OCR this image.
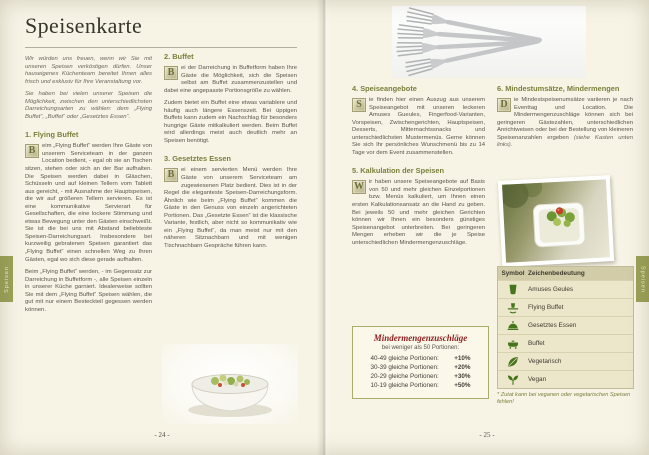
Speisenkarte

Wir würden uns freuen, wenn wir Sie mit unseren Speisen verköstigen dürfen. Unser hauseigenes Küchenteam bereitet Ihnen alles frisch und exklusiv für Ihre Veranstaltung vor.

Sie haben bei vielen unserer Speisen die Möglichkeit, zwischen den unterschiedlichsten Darreichungsarten zu wählen: dem „Flying Buffet“, „Buffet“ oder „Gesetztes Essen“.

1. Flying Buffet

B	eim „Flying Buffet“ werden Ihre Gäste von unserem Serviceteam in der ganzen Location bedient, - egal ob sie an Tischen sitzen, stehen oder sich an der Bar aufhalten. Die Speisen werden dabei in Gläschen, Schüsseln und auf kleinen Tellern vom Tablett aus gereicht, - mit Ausnahme der Hauptspeisen, die wir auf größeren Tellern servieren. Es ist eine kommunikative Servierart für Gesellschaften, die eine lockere Stimmung und etwas Bewegung unter den Gästen einschweißt. Sie ist die bei uns mit Abstand beliebteste Speisen-Darreichungsart. Insbesondere bei kurzweilig gebratenen Speisen garantiert das „Flying Buffet“ einen schnellen Weg zu Ihren Gästen, egal wo sich diese gerade aufhalten.

Beim „Flying Buffet“ werden, - im Gegensatz zur Darreichung in Buffetform -, alle Speisen einzeln in unserer Küche garniert. Idealerweise sollten Sie mit dem „Flying Buffet“ Speisen wählen, die gut mit nur einem Besteckteil gegessen werden können.

2. Buffet

B	ei der Darreichung in Buffetform haben Ihre Gäste die Möglichkeit, sich die Speisen selbst am Buffet zusammenzustellen und dabei eine angepasste Portionsgröße zu wählen.

Zudem bietet ein Buffet eine etwas variablere und häufig auch längere Essenszeit. Bei üppigen Buffets kann zudem ein Nachschlag für besonders hungrige Gäste mitkalkuliert werden. Beim Buffet wird allerdings meist auch deutlich mehr an Speisen benötigt.

3. Gesetztes Essen

B	ei einem servierten Menü werden Ihre Gäste von unserem Serviceteam am zugewiesenen Platz bedient. Dies ist in der Regel die eleganteste Speisen-Darreichungsform. Ähnlich wie beim „Flying Buffet“ kommen die Gäste in den Genuss von einzeln angerichteten Portionen. Das „Gesetzte Essen“ ist die klassische Variante, festlich, aber nicht so kommunikativ wie ein „Flying Buffet“, da man meist nur mit den näheren Sitznachbarn und mit wenigen Tischnachbarn Gespräche führen kann.

- 24 -
Speisen
4. Speiseangebote

S	ie finden hier einen Auszug aus unserem Speiseangebot mit unseren leckeren Amuses Gueules, Fingerfood-Varianten, Vorspeisen, Zwischengerichten, Hauptspeisen, Desserts, Mitternachtssnacks und unterschiedlichsten Mustermenüs. Gerne können Sie sich Ihr persönliches Wunschmenü bis zu 14 Tage vor dem Event zusammenstellen.

5. Kalkulation der Speisen

W ir haben unsere Speiseangebote auf Basis von 50 und mehr gleichen Einzelportionen bzw. Menüs kalkuliert, um Ihnen einen ersten Kalkulationsansatz an die Hand zu geben. Bei jeweils 50 und mehr gleichen Gerichten können wir Ihnen ein besonders günstiges Speisenangebot unterbreiten. Bei geringeren Mengen erheben wir die je Speise unterschiedlichen Mindermengenzuschläge.

Mindermengenzuschläge
bei weniger als 50 Portionen:
40-49 gleiche Portionen: +10%
30-39 gleiche Portionen: +20%
20-29 gleiche Portionen: +30%
10-19 gleiche Portionen: +50%
6. Mindestumsätze, Mindermengen

D	ie Mindestspeisenumsätze variieren je nach Eventtag und Location. Die Mindermengenzuschläge können sich bei geringeren Gästezahlen, unterschiedlichen Anrichtweisen oder bei der Bestellung von kleineren Speisenanzahlen ergeben (siehe Kasten unten links).

Symbol Zeichenbedeutung
Amuses Geules
Flying Buffet
Gesetztes Essen
Buffet
Vegetarisch
Vegan
* Zutat kann bei veganen oder vegetarischen Speisen fehlen!
- 25 -
Speisen
